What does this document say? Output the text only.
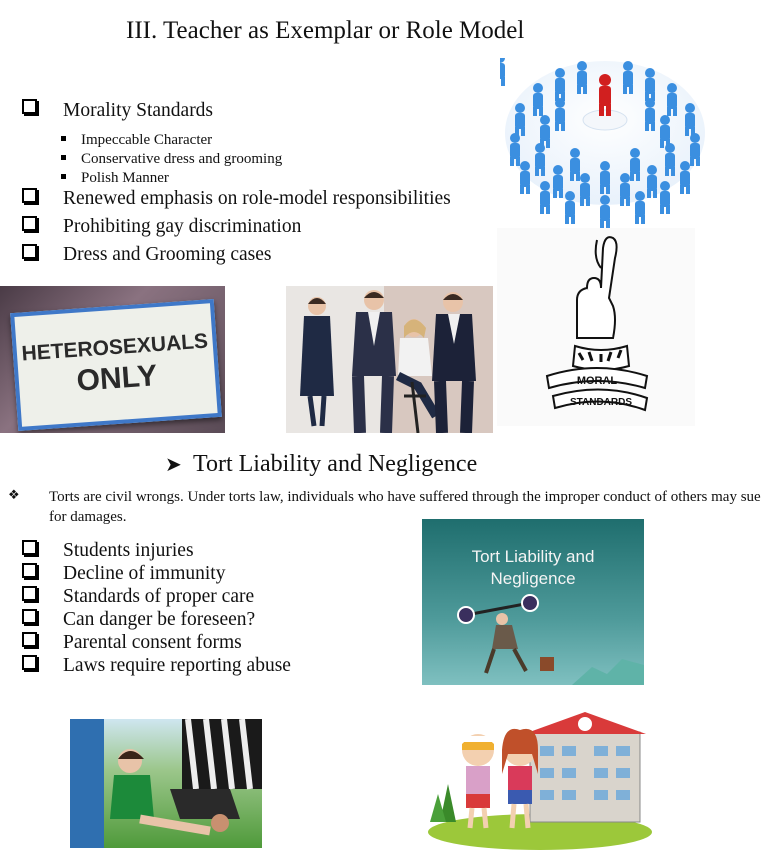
III. Teacher as Exemplar or Role Model
Morality Standards
Impeccable Character
Conservative dress and grooming
Polish Manner
Renewed emphasis on role-model responsibilities
Prohibiting gay discrimination
Dress and Grooming cases
MORAL
STANDARDS
HETEROSEXUALS
ONLY
➤ Tort Liability and Negligence
❖ Torts are civil wrongs. Under torts law, individuals who have suffered through the improper conduct of others may sue for damages.
Students injuries
Decline of immunity
Standards of proper care
Can danger be foreseen?
Parental consent forms
Laws require reporting abuse
Tort Liability and
Negligence
